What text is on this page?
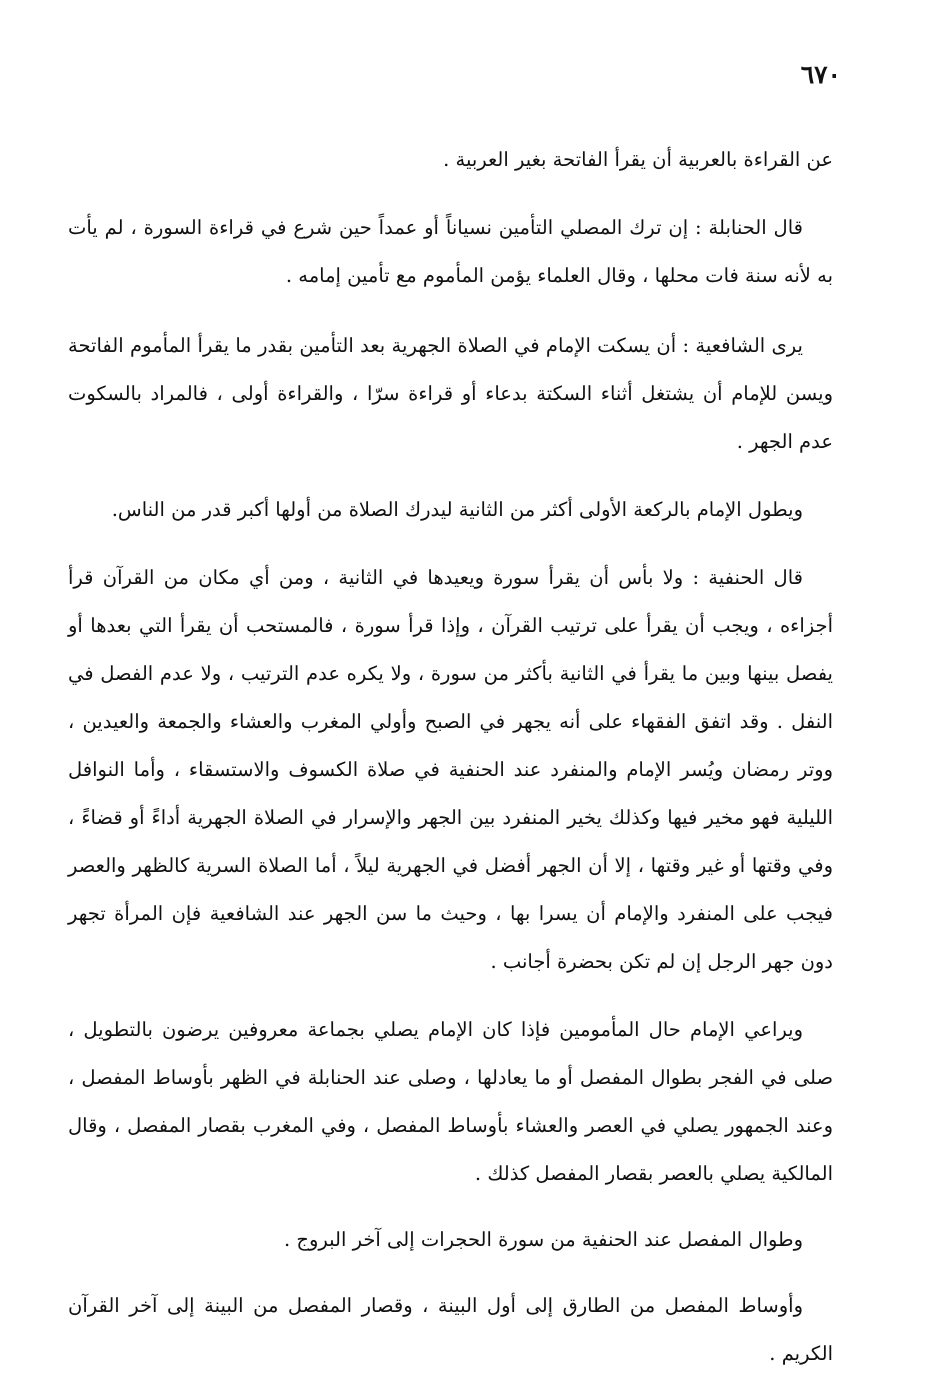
٦٧٠

عن القراءة بالعربية أن يقرأ الفاتحة بغير العربية .

قال الحنابلة : إن ترك المصلي التأمين نسياناً أو عمداً حين شرع في قراءة السورة ، لم يأت به لأنه سنة فات محلها ، وقال العلماء يؤمن المأموم مع تأمين إمامه .

يرى الشافعية : أن يسكت الإمام في الصلاة الجهرية بعد التأمين بقدر ما يقرأ المأموم الفاتحة ويسن للإمام أن يشتغل أثناء السكتة بدعاء أو قراءة سرّا ، والقراءة أولى ، فالمراد بالسكوت عدم الجهر .

ويطول الإمام بالركعة الأولى أكثر من الثانية ليدرك الصلاة من أولها أكبر قدر من الناس.

قال الحنفية : ولا بأس أن يقرأ سورة ويعيدها في الثانية ، ومن أي مكان من القرآن قرأ أجزاءه ، ويجب أن يقرأ على ترتيب القرآن ، وإذا قرأ سورة ، فالمستحب أن يقرأ التي بعدها أو يفصل بينها وبين ما يقرأ في الثانية بأكثر من سورة ، ولا يكره عدم الترتيب ، ولا عدم الفصل في النفل . وقد اتفق الفقهاء على أنه يجهر في الصبح وأولي المغرب والعشاء والجمعة والعيدين ، ووتر رمضان ويُسر الإمام والمنفرد عند الحنفية في صلاة الكسوف والاستسقاء ، وأما النوافل الليلية فهو مخير فيها وكذلك يخير المنفرد بين الجهر والإسرار في الصلاة الجهرية أداءً أو قضاءً ، وفي وقتها أو غير وقتها ، إلا أن الجهر أفضل في الجهرية ليلاً ، أما الصلاة السرية كالظهر والعصر فيجب على المنفرد والإمام أن يسرا بها ، وحيث ما سن الجهر عند الشافعية فإن المرأة تجهر دون جهر الرجل إن لم تكن بحضرة أجانب .

ويراعي الإمام حال المأمومين فإذا كان الإمام يصلي بجماعة معروفين يرضون بالتطويل ، صلى في الفجر بطوال المفصل أو ما يعادلها ، وصلى عند الحنابلة في الظهر بأوساط المفصل ، وعند الجمهور يصلي في العصر والعشاء بأوساط المفصل ، وفي المغرب بقصار المفصل ، وقال المالكية يصلي بالعصر بقصار المفصل كذلك .

وطوال المفصل عند الحنفية من سورة الحجرات إلى آخر البروج .

وأوساط المفصل من الطارق إلى أول البينة ، وقصار المفصل من البينة إلى آخر القرآن الكريم .
